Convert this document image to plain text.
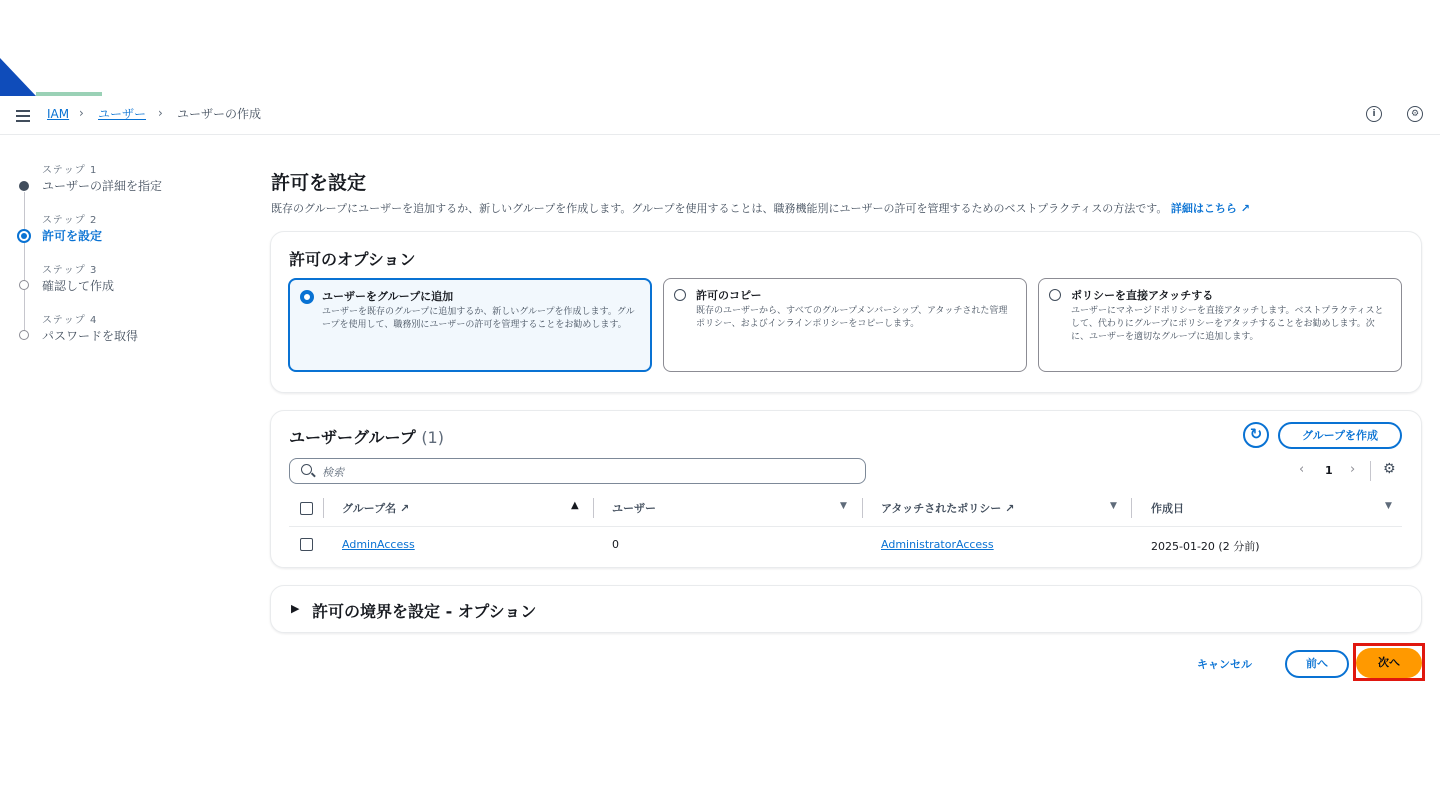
IAM › ユーザー › ユーザーの作成	i	⚙
ステップ 1
ユーザーの詳細を指定
ステップ 2
許可を設定
ステップ 3
確認して作成
ステップ 4
パスワードを取得
許可を設定
既存のグループにユーザーを追加するか、新しいグループを作成します。グループを使用することは、職務機能別にユーザーの許可を管理するためのベストプラクティスの方法です。 詳細はこちら ↗
許可のオプション
ユーザーをグループに追加
ユーザーを既存のグループに追加するか、新しいグループを作成します。グループを使用して、職務別にユーザーの許可を管理することをお勧めします。
許可のコピー
既存のユーザーから、すべてのグループメンバーシップ、アタッチされた管理ポリシー、およびインラインポリシーをコピーします。
ポリシーを直接アタッチする
ユーザーにマネージドポリシーを直接アタッチします。ベストプラクティスとして、代わりにグループにポリシーをアタッチすることをお勧めします。次に、ユーザーを適切なグループに追加します。
ユーザーグループ (1)	↻	グループを作成
検索	‹ 1 › ⚙
グループ名 ↗	▲	ユーザー	▼	アタッチされたポリシー ↗	▼	作成日	▼
AdminAccess	0	AdministratorAccess	2025-01-20 (2 分前)
▶ 許可の境界を設定 - オプション
キャンセル	前へ	次へ
